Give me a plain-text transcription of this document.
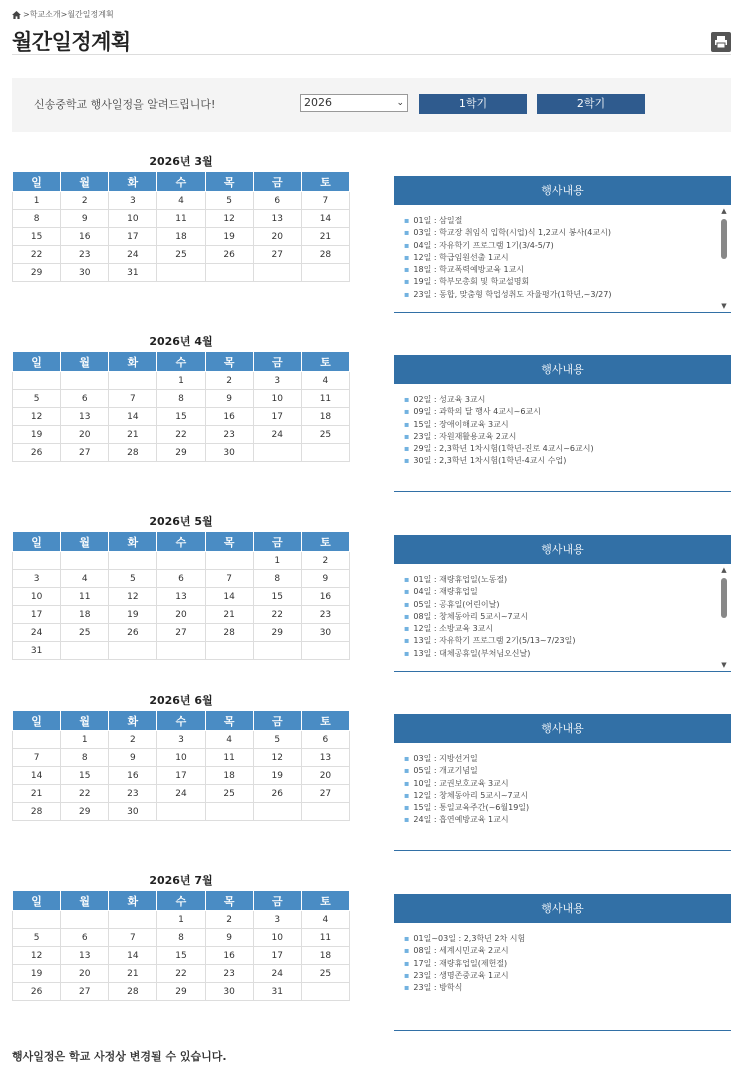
>학교소개>월간일정계획
월간일정계획
신송중학교 행사일정을 알려드립니다!	2026	⌄	1학기	2학기
2026년 3월
일	월	화	수	목	금	토
1	2	3	4	5	6	7
8	9	10	11	12	13	14
15	16	17	18	19	20	21
22	23	24	25	26	27	28
29	30	31				
행사내용
▪ 01일 : 삼일절
▪ 03일 : 학교장 취임식 입학(시업)식 1,2교시 봉사(4교시)
▪ 04일 : 자유학기 프로그램 1기(3/4-5/7)
▪ 12일 : 학급임원선출 1교시
▪ 18일 : 학교폭력예방교육 1교시
▪ 19일 : 학부모총회 및 학교설명회
▪ 23일 : 동합, 맞춤형 학업성취도 자율평가(1학년,~3/27)
▲
▼
2026년 4월
일	월	화	수	목	금	토
			1	2	3	4
5	6	7	8	9	10	11
12	13	14	15	16	17	18
19	20	21	22	23	24	25
26	27	28	29	30		
행사내용
▪ 02일 : 성교육 3교시
▪ 09일 : 과학의 달 행사 4교시~6교시
▪ 15일 : 장애이해교육 3교시
▪ 23일 : 자원재활용교육 2교시
▪ 29일 : 2,3학년 1차시험(1학년-진로 4교시~6교시)
▪ 30일 : 2,3학년 1차시험(1학년-4교시 수업)
2026년 5월
일	월	화	수	목	금	토
					1	2
3	4	5	6	7	8	9
10	11	12	13	14	15	16
17	18	19	20	21	22	23
24	25	26	27	28	29	30
31						
행사내용
▪ 01일 : 재량휴업일(노동절)
▪ 04일 : 재량휴업일
▪ 05일 : 공휴일(어린이날)
▪ 08일 : 창체동아리 5교시~7교시
▪ 12일 : 소방교육 3교시
▪ 13일 : 자유학기 프로그램 2기(5/13~7/23일)
▪ 13일 : 대체공휴일(부처님오신날)
▲
▼
2026년 6월
일	월	화	수	목	금	토
	1	2	3	4	5	6
7	8	9	10	11	12	13
14	15	16	17	18	19	20
21	22	23	24	25	26	27
28	29	30				
행사내용
▪ 03일 : 지방선거일
▪ 05일 : 개교기념일
▪ 10일 : 교권보호교육 3교시
▪ 12일 : 창체동아리 5교시~7교시
▪ 15일 : 통일교육주간(~6월19일)
▪ 24일 : 흡연예방교육 1교시
2026년 7월
일	월	화	수	목	금	토
			1	2	3	4
5	6	7	8	9	10	11
12	13	14	15	16	17	18
19	20	21	22	23	24	25
26	27	28	29	30	31	
행사내용
▪ 01일~03일 : 2,3학년 2차 시험
▪ 08일 : 세계시민교육 2교시
▪ 17일 : 재량휴업일(제헌절)
▪ 23일 : 생명존중교육 1교시
▪ 23일 : 방학식
행사일정은 학교 사정상 변경될 수 있습니다.
